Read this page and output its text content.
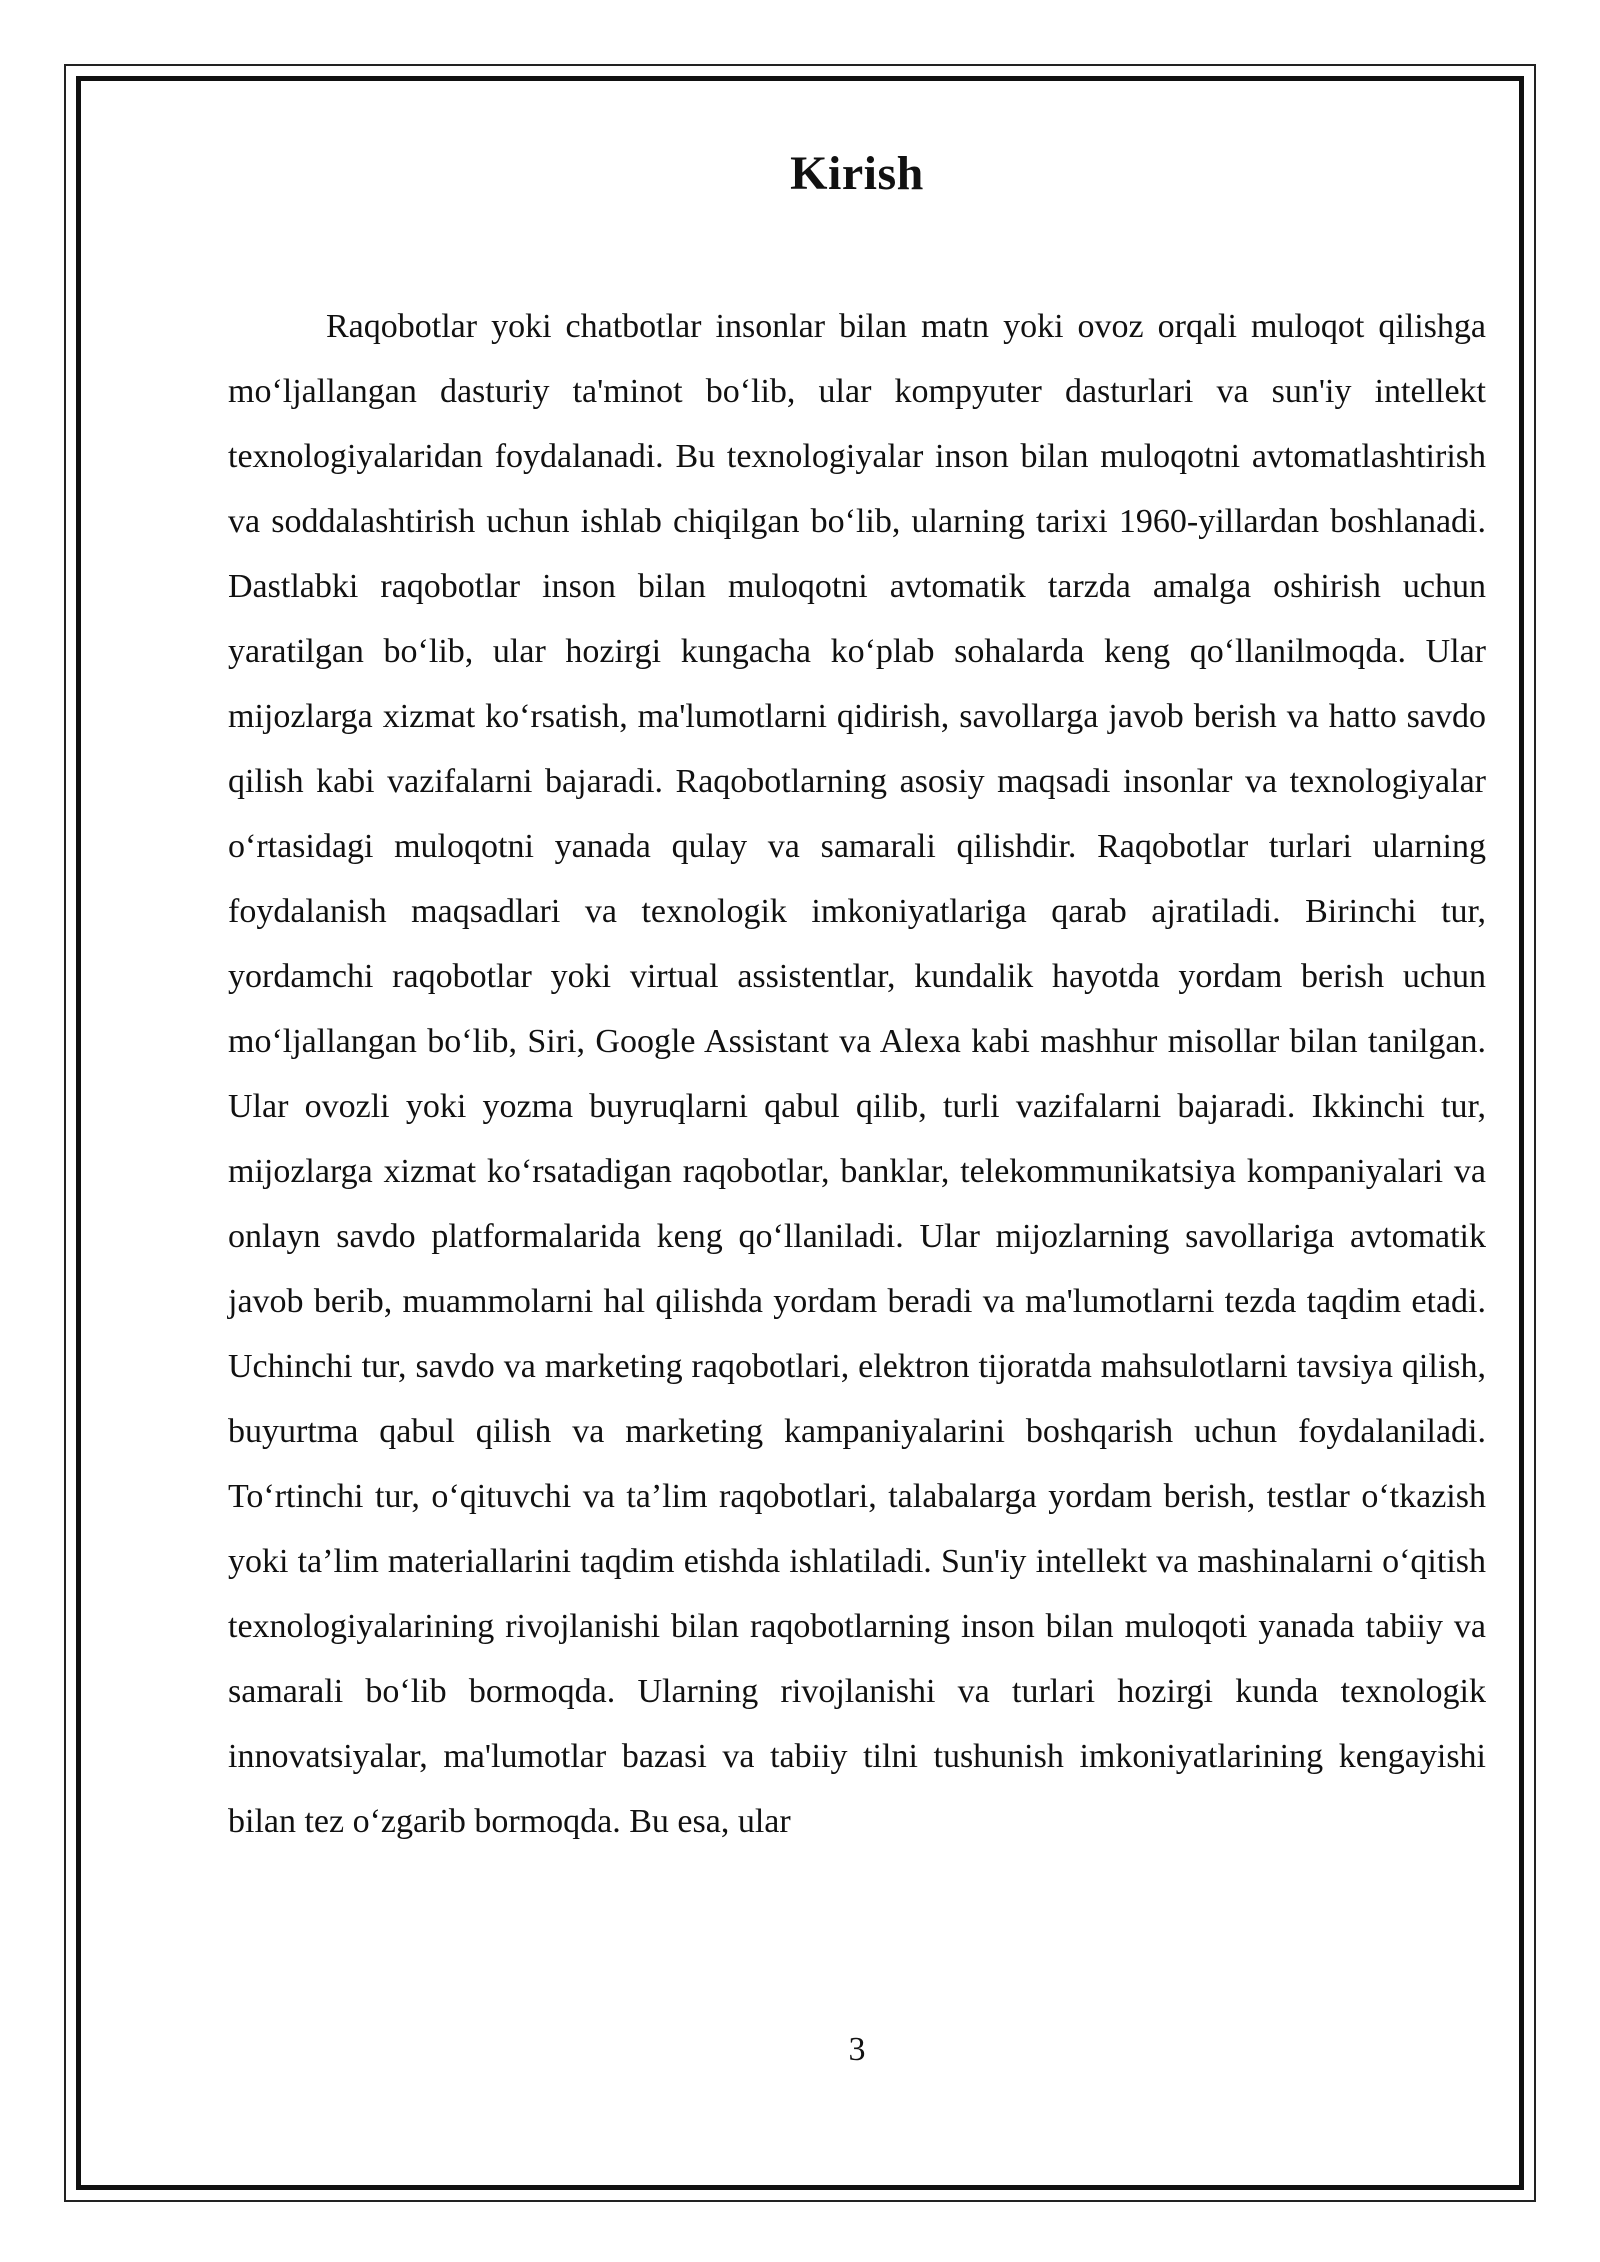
Kirish

Raqobotlar yoki chatbotlar insonlar bilan matn yoki ovoz orqali muloqot qilishga mo‘ljallangan dasturiy ta'minot bo‘lib, ular kompyuter dasturlari va sun'iy intellekt texnologiyalaridan foydalanadi. Bu texnologiyalar inson bilan muloqotni avtomatlashtirish va soddalashtirish uchun ishlab chiqilgan bo‘lib, ularning tarixi 1960-yillardan boshlanadi. Dastlabki raqobotlar inson bilan muloqotni avtomatik tarzda amalga oshirish uchun yaratilgan bo‘lib, ular hozirgi kungacha ko‘plab sohalarda keng qo‘llanilmoqda. Ular mijozlarga xizmat ko‘rsatish, ma'lumotlarni qidirish, savollarga javob berish va hatto savdo qilish kabi vazifalarni bajaradi. Raqobotlarning asosiy maqsadi insonlar va texnologiyalar o‘rtasidagi muloqotni yanada qulay va samarali qilishdir. Raqobotlar turlari ularning foydalanish maqsadlari va texnologik imkoniyatlariga qarab ajratiladi. Birinchi tur, yordamchi raqobotlar yoki virtual assistentlar, kundalik hayotda yordam berish uchun mo‘ljallangan bo‘lib, Siri, Google Assistant va Alexa kabi mashhur misollar bilan tanilgan. Ular ovozli yoki yozma buyruqlarni qabul qilib, turli vazifalarni bajaradi. Ikkinchi tur, mijozlarga xizmat ko‘rsatadigan raqobotlar, banklar, telekommunikatsiya kompaniyalari va onlayn savdo platformalarida keng qo‘llaniladi. Ular mijozlarning savollariga avtomatik javob berib, muammolarni hal qilishda yordam beradi va ma'lumotlarni tezda taqdim etadi. Uchinchi tur, savdo va marketing raqobotlari, elektron tijoratda mahsulotlarni tavsiya qilish, buyurtma qabul qilish va marketing kampaniyalarini boshqarish uchun foydalaniladi. To‘rtinchi tur, o‘qituvchi va ta’lim raqobotlari, talabalarga yordam berish, testlar o‘tkazish yoki ta’lim materiallarini taqdim etishda ishlatiladi. Sun'iy intellekt va mashinalarni o‘qitish texnologiyalarining rivojlanishi bilan raqobotlarning inson bilan muloqoti yanada tabiiy va samarali bo‘lib bormoqda. Ularning rivojlanishi va turlari hozirgi kunda texnologik innovatsiyalar, ma'lumotlar bazasi va tabiiy tilni tushunish imkoniyatlarining kengayishi bilan tez o‘zgarib bormoqda. Bu esa, ular

3
